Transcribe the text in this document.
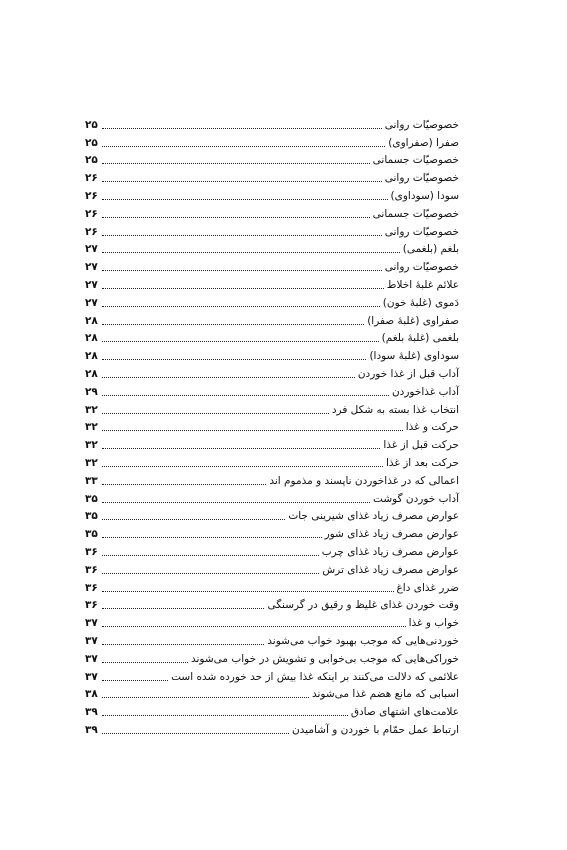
خصوصیّات روانی
۲۵
صفرا (صفراوی)
۲۵
خصوصیّات جسمانی
۲۵
خصوصیّات روانی
۲۶
سودا (سوداوی)
۲۶
خصوصیّات جسمانی
۲۶
خصوصیّات روانی
۲۶
بلغم (بلغمی)
۲۷
خصوصیّات روانی
۲۷
علائم غلبهٔ اخلاط
۲۷
دَموی (غلبهٔ خون)
۲۷
صفراوی (غلبهٔ صفرا)
۲۸
بلغمی (غلبهٔ بلغم)
۲۸
سوداوی (غلبهٔ سودا)
۲۸
آداب قبل از غذا خوردن
۲۸
آداب غذاخوردن
۲۹
انتخاب غذا بسته به شکل فرد
۳۲
حرکت و غذا
۳۲
حرکت قبل از غذا
۳۲
حرکت بعد از غذا
۳۲
اعمالی که در غذاخوردن ناپسند و مذموم اند
۳۳
آداب خوردن گوشت
۳۵
عوارض مصرف زیاد غذای شیرینی جات
۳۵
عوارض مصرف زیاد غذای شور
۳۵
عوارض مصرف زیاد غذای چرب
۳۶
عوارض مصرف زیاد غذای ترش
۳۶
ضرر غذای داغ
۳۶
وقت خوردن غذای غلیظ و رقیق در گرسنگی
۳۶
خواب و غذا
۳۷
خوردنی‌هایی که موجب بهبود خواب می‌شوند
۳۷
خوراکی‌هایی که موجب بی‌خوابی و تشویش در خواب می‌شوند
۳۷
علائمی که دلالت می‌کنند بر اینکه غذا بیش از حد خورده شده است
۳۷
اسبابی که مانع هضم غذا می‌شوند
۳۸
علامت‌های اشتهای صادق
۳۹
ارتباط عمل حمّام با خوردن و آشامیدن
۳۹
